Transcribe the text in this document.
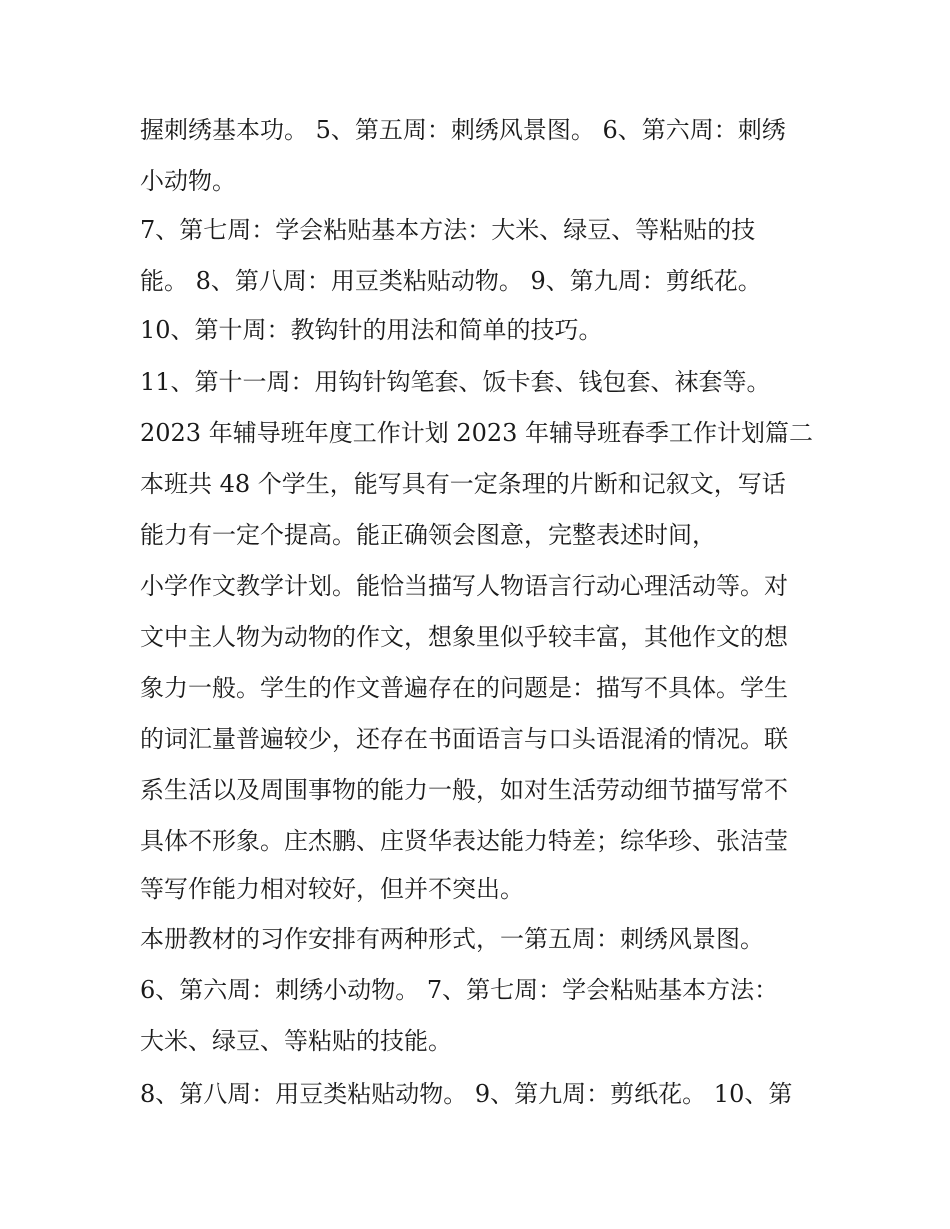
握刺绣基本功。 5、第五周：刺绣风景图。 6、第六周：刺绣
小动物。
7、第七周：学会粘贴基本方法：大米、绿豆、等粘贴的技
能。 8、第八周：用豆类粘贴动物。 9、第九周：剪纸花。
10、第十周：教钩针的用法和简单的技巧。
11、第十一周：用钩针钩笔套、饭卡套、钱包套、袜套等。
2023 年辅导班年度工作计划 2023 年辅导班春季工作计划篇二
本班共 48 个学生，能写具有一定条理的片断和记叙文，写话
能力有一定个提高。能正确领会图意，完整表述时间，
小学作文教学计划。能恰当描写人物语言行动心理活动等。对
文中主人物为动物的作文，想象里似乎较丰富，其他作文的想
象力一般。学生的作文普遍存在的问题是：描写不具体。学生
的词汇量普遍较少，还存在书面语言与口头语混淆的情况。联
系生活以及周围事物的能力一般，如对生活劳动细节描写常不
具体不形象。庄杰鹏、庄贤华表达能力特差；综华珍、张洁莹
等写作能力相对较好，但并不突出。
本册教材的习作安排有两种形式，一第五周：刺绣风景图。
6、第六周：刺绣小动物。 7、第七周：学会粘贴基本方法：
大米、绿豆、等粘贴的技能。
8、第八周：用豆类粘贴动物。 9、第九周：剪纸花。 10、第
